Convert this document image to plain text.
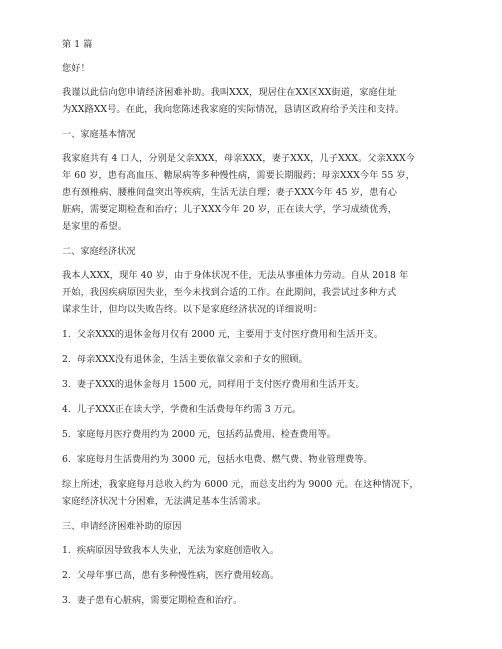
第 1 篇

您好！

我谨以此信向您申请经济困难补助。我叫XXX，现居住在XX区XX街道，家庭住址
为XX路XX号。在此，我向您陈述我家庭的实际情况，恳请区政府给予关注和支持。

一、家庭基本情况

我家庭共有 4 口人，分别是父亲XXX，母亲XXX，妻子XXX，儿子XXX。父亲XXX今
年 60 岁，患有高血压、糖尿病等多种慢性病，需要长期服药；母亲XXX今年 55 岁，
患有颈椎病、腰椎间盘突出等疾病，生活无法自理；妻子XXX今年 45 岁，患有心
脏病，需要定期检查和治疗；儿子XXX今年 20 岁，正在读大学，学习成绩优秀，
是家里的希望。

二、家庭经济状况

我本人XXX，现年 40 岁，由于身体状况不佳，无法从事重体力劳动。自从 2018 年
开始，我因疾病原因失业，至今未找到合适的工作。在此期间，我尝试过多种方式
谋求生计，但均以失败告终。以下是家庭经济状况的详细说明：

1. 父亲XXX的退休金每月仅有 2000 元，主要用于支付医疗费用和生活开支。

2. 母亲XXX没有退休金，生活主要依靠父亲和子女的照顾。

3. 妻子XXX的退休金每月 1500 元，同样用于支付医疗费用和生活开支。

4. 儿子XXX正在读大学，学费和生活费每年约需 3 万元。

5. 家庭每月医疗费用约为 2000 元，包括药品费用、检查费用等。

6. 家庭每月生活费用约为 3000 元，包括水电费、燃气费、物业管理费等。

综上所述，我家庭每月总收入约为 6000 元，而总支出约为 9000 元。在这种情况下，
家庭经济状况十分困难，无法满足基本生活需求。

三、申请经济困难补助的原因

1. 疾病原因导致我本人失业，无法为家庭创造收入。

2. 父母年事已高，患有多种慢性病，医疗费用较高。

3. 妻子患有心脏病，需要定期检查和治疗。
